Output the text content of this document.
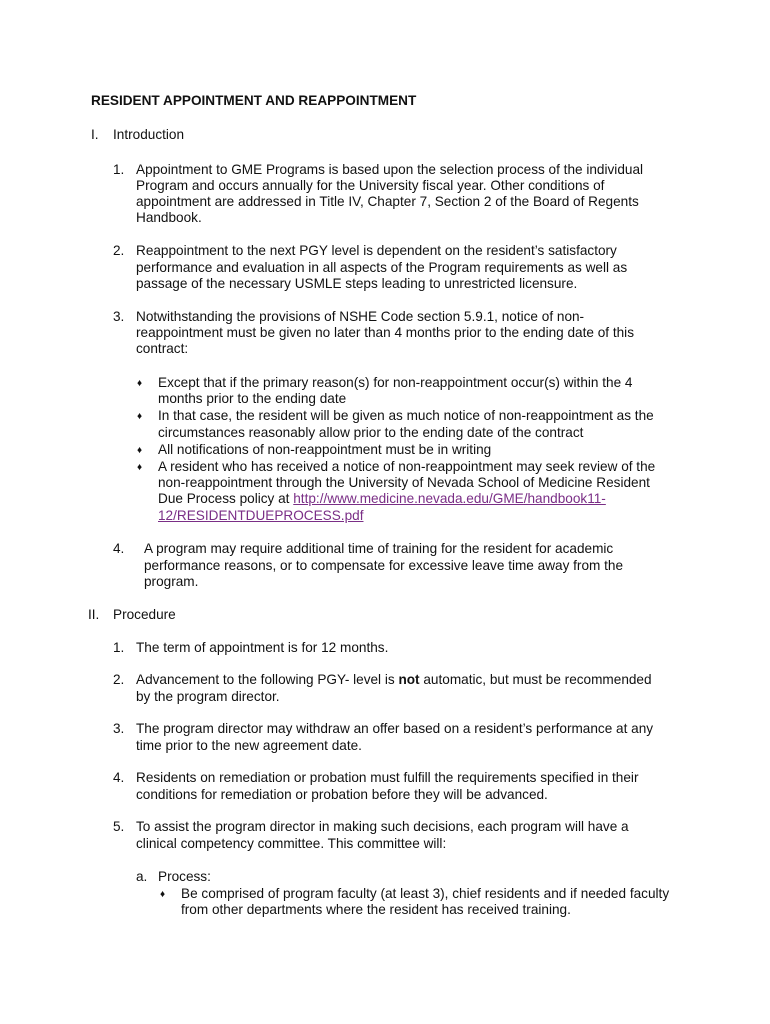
RESIDENT APPOINTMENT AND REAPPOINTMENT

I. Introduction

1. Appointment to GME Programs is based upon the selection process of the individual

Program and occurs annually for the University fiscal year. Other conditions of

appointment are addressed in Title IV, Chapter 7, Section 2 of the Board of Regents

Handbook.

2. Reappointment to the next PGY level is dependent on the resident’s satisfactory

performance and evaluation in all aspects of the Program requirements as well as

passage of the necessary USMLE steps leading to unrestricted licensure.

3. Notwithstanding the provisions of NSHE Code section 5.9.1, notice of non-

reappointment must be given no later than 4 months prior to the ending date of this

contract:

♦ Except that if the primary reason(s) for non-reappointment occur(s) within the 4

months prior to the ending date

♦ In that case, the resident will be given as much notice of non-reappointment as the

circumstances reasonably allow prior to the ending date of the contract

♦ All notifications of non-reappointment must be in writing

♦ A resident who has received a notice of non-reappointment may seek review of the

non-reappointment through the University of Nevada School of Medicine Resident

Due Process policy at http://www.medicine.nevada.edu/GME/handbook11-

12/RESIDENTDUEPROCESS.pdf

4. A program may require additional time of training for the resident for academic

performance reasons, or to compensate for excessive leave time away from the

program.

II. Procedure

1. The term of appointment is for 12 months.

2. Advancement to the following PGY- level is not automatic, but must be recommended

by the program director.

3. The program director may withdraw an offer based on a resident’s performance at any

time prior to the new agreement date.

4. Residents on remediation or probation must fulfill the requirements specified in their

conditions for remediation or probation before they will be advanced.

5. To assist the program director in making such decisions, each program will have a

clinical competency committee. This committee will:

a. Process:

♦ Be comprised of program faculty (at least 3), chief residents and if needed faculty

from other departments where the resident has received training.
